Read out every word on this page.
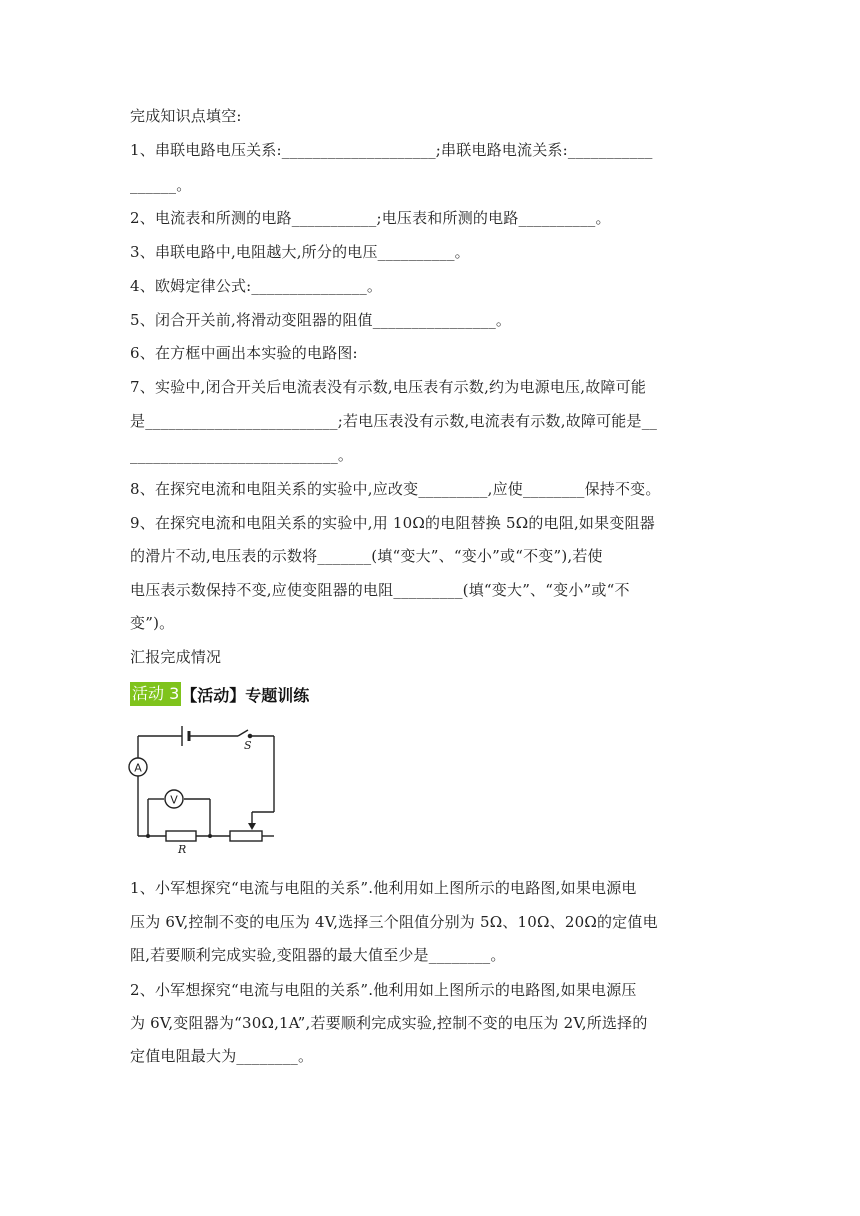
完成知识点填空:
1、串联电路电压关系:____________________;串联电路电流关系:___________
______。
2、电流表和所测的电路___________;电压表和所测的电路__________。
3、串联电路中,电阻越大,所分的电压__________。
4、欧姆定律公式:_______________。
5、闭合开关前,将滑动变阻器的阻值________________。
6、在方框中画出本实验的电路图:
7、实验中,闭合开关后电流表没有示数,电压表有示数,约为电源电压,故障可能
是_________________________;若电压表没有示数,电流表有示数,故障可能是__
___________________________。
8、在探究电流和电阻关系的实验中,应改变_________,应使________保持不变。
9、在探究电流和电阻关系的实验中,用 10Ω的电阻替换 5Ω的电阻,如果变阻器
的滑片不动,电压表的示数将_______(填“变大”、“变小”或“不变”),若使
电压表示数保持不变,应使变阻器的电阻_________(填“变大”、“变小”或“不
变”)。
汇报完成情况
活动 3 【活动】专题训练
A
V
S
R
1、小军想探究“电流与电阻的关系”.他利用如上图所示的电路图,如果电源电
压为 6V,控制不变的电压为 4V,选择三个阻值分别为 5Ω、10Ω、20Ω的定值电
阻,若要顺利完成实验,变阻器的最大值至少是________。
2、小军想探究“电流与电阻的关系”.他利用如上图所示的电路图,如果电源压
为 6V,变阻器为“30Ω,1A”,若要顺利完成实验,控制不变的电压为 2V,所选择的
定值电阻最大为________。
